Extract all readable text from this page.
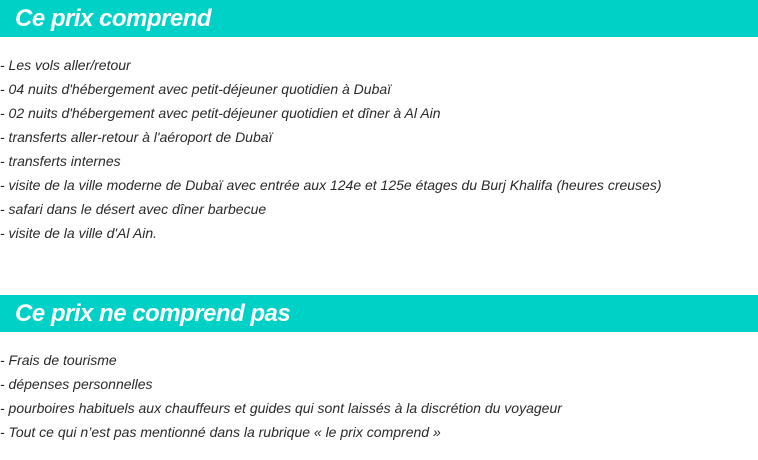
Ce prix comprend
- Les vols aller/retour
- 04 nuits d'hébergement avec petit-déjeuner quotidien à Dubaï
- 02 nuits d'hébergement avec petit-déjeuner quotidien et dîner à Al Ain
- transferts aller-retour à l'aéroport de Dubaï
- transferts internes
- visite de la ville moderne de Dubaï avec entrée aux 124e et 125e étages du Burj Khalifa (heures creuses)
- safari dans le désert avec dîner barbecue
- visite de la ville d'Al Ain.
Ce prix ne comprend pas
- Frais de tourisme
- dépenses personnelles
- pourboires habituels aux chauffeurs et guides qui sont laissés à la discrétion du voyageur
- Tout ce qui n’est pas mentionné dans la rubrique « le prix comprend »
